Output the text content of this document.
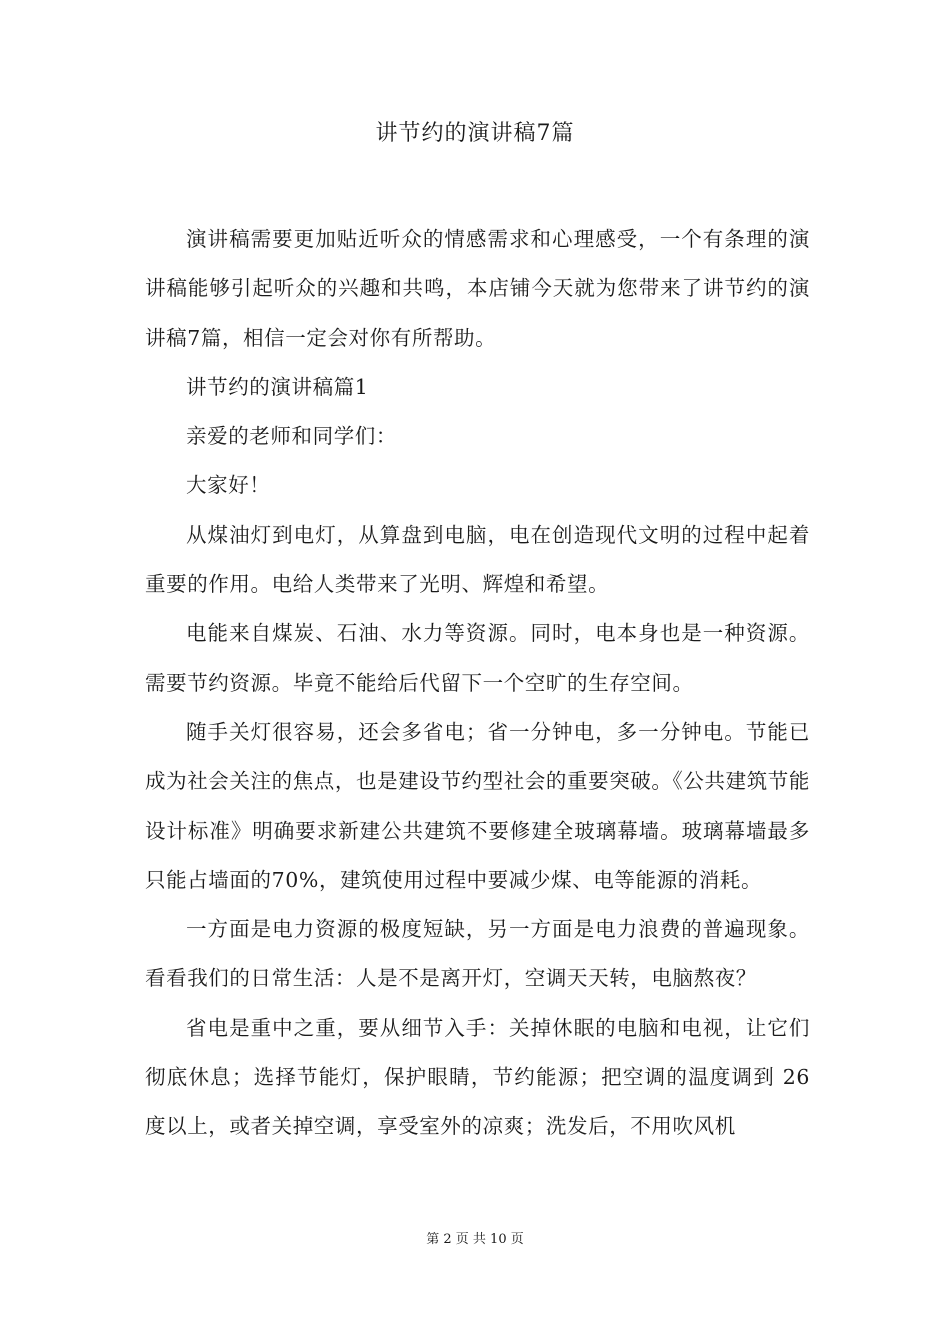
讲节约的演讲稿7篇

演讲稿需要更加贴近听众的情感需求和心理感受，一个有条理的演讲稿能够引起听众的兴趣和共鸣，本店铺今天就为您带来了讲节约的演讲稿7篇，相信一定会对你有所帮助。

讲节约的演讲稿篇1

亲爱的老师和同学们：

大家好！

从煤油灯到电灯，从算盘到电脑，电在创造现代文明的过程中起着重要的作用。电给人类带来了光明、辉煌和希望。

电能来自煤炭、石油、水力等资源。同时，电本身也是一种资源。需要节约资源。毕竟不能给后代留下一个空旷的生存空间。

随手关灯很容易，还会多省电；省一分钟电，多一分钟电。节能已成为社会关注的焦点，也是建设节约型社会的重要突破。《公共建筑节能设计标准》明确要求新建公共建筑不要修建全玻璃幕墙。玻璃幕墙最多只能占墙面的70%，建筑使用过程中要减少煤、电等能源的消耗。

一方面是电力资源的极度短缺，另一方面是电力浪费的普遍现象。看看我们的日常生活：人是不是离开灯，空调天天转，电脑熬夜？

省电是重中之重，要从细节入手：关掉休眠的电脑和电视，让它们彻底休息；选择节能灯，保护眼睛，节约能源；把空调的温度调到 26 度以上，或者关掉空调，享受室外的凉爽；洗发后，不用吹风机

第 2 页 共 10 页
